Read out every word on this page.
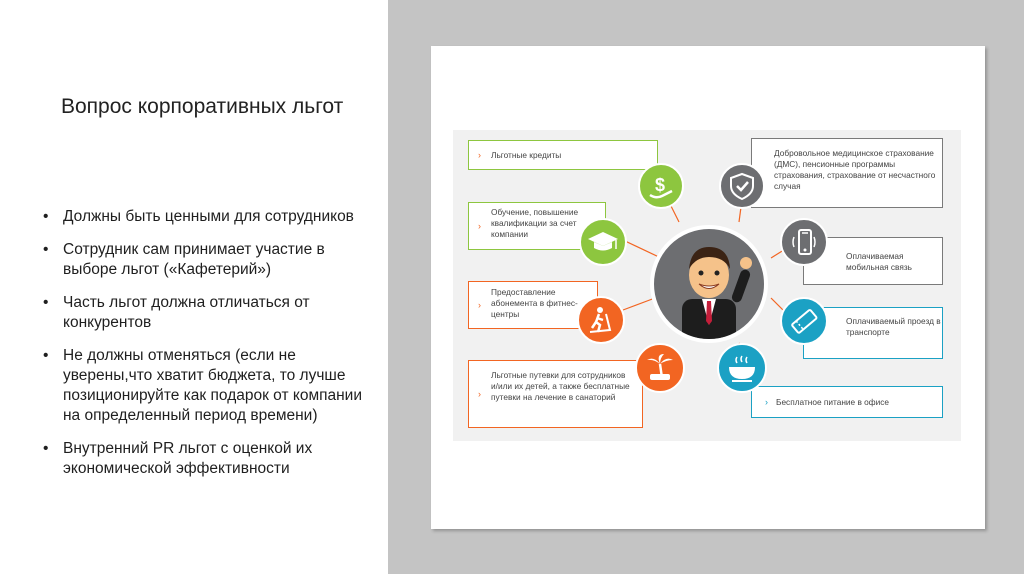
Вопрос корпоративных льгот
• Должны быть ценными для сотрудников
• Сотрудник сам принимает участие в выборе льгот («Кафетерий»)
• Часть льгот должна отличаться от конкурентов
• Не должны отменяться (если не уверены,что хватит бюджета, то лучше позиционируйте как подарок от компании на определенный период времени)
• Внутренний PR льгот с оценкой их экономической эффективности
› Льготные кредиты
$
›
Обучение, повышение квалификации за счет компании
›
Предоставление абонемента в фитнес-центры
›
Льготные путевки для сотрудников и/или их детей, а также бесплатные путевки на лечение в санаторий
Добровольное медицинское страхование (ДМС), пенсионные программы страхования, страхование от несчастного случая
Оплачиваемая мобильная связь
Оплачиваемый проезд в транспорте
› Бесплатное питание в офисе
